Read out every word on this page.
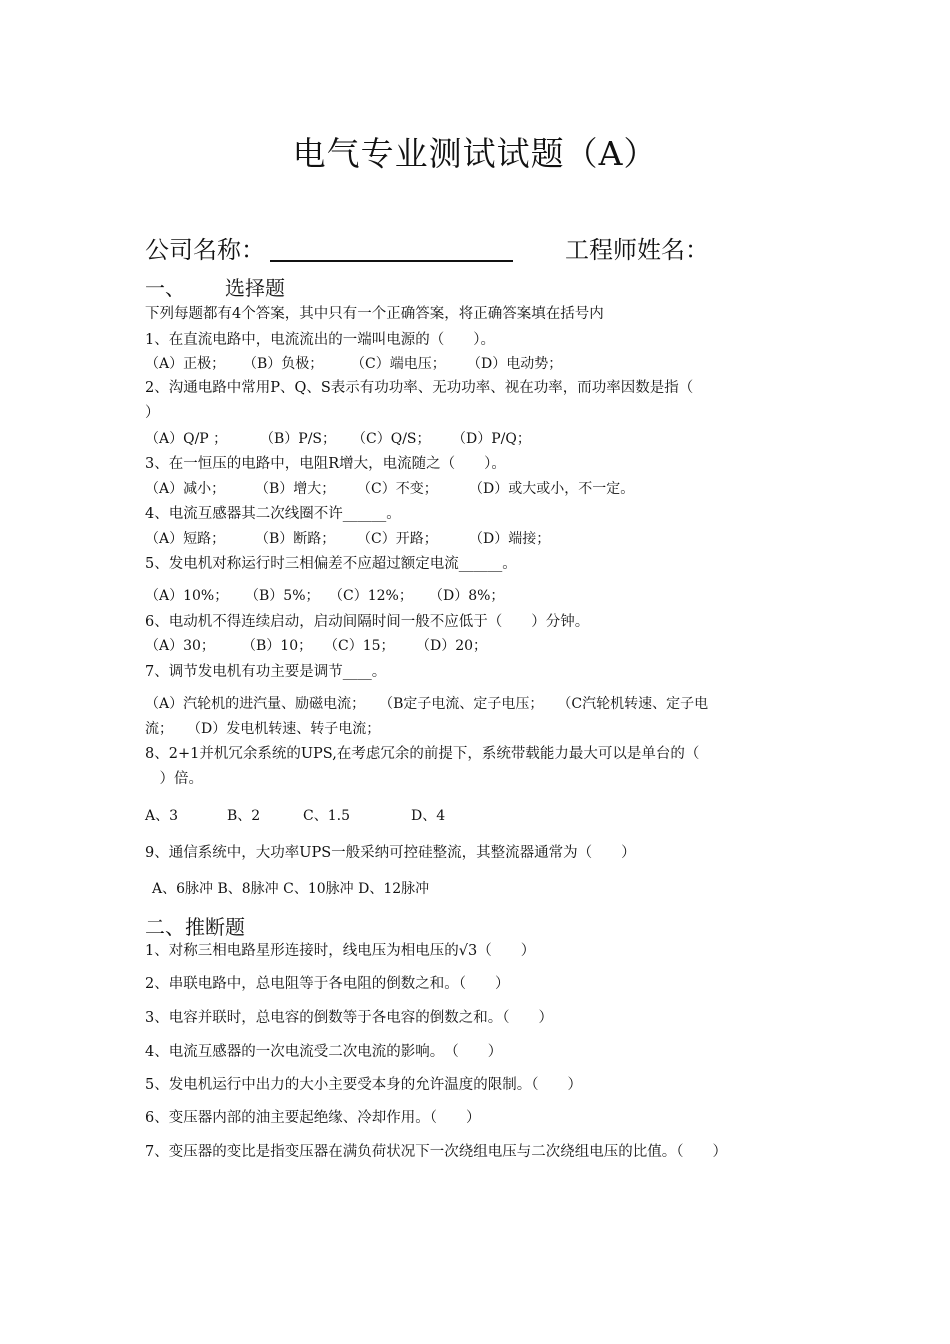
电气专业测试试题（A）
公司名称：	工程师姓名：
一、 选择题
下列每题都有4个答案，其中只有一个正确答案，将正确答案填在括号内
1、在直流电路中，电流流出的一端叫电源的（　　）。
（A）正极； （B）负极； （C）端电压； （D）电动势；
2、沟通电路中常用P、Q、S表示有功功率、无功功率、视在功率，而功率因数是指（
）
（A）Q/P ； （B）P/S； （C）Q/S； （D）P/Q；
3、在一恒压的电路中，电阻R增大，电流随之（　　）。
（A）减小； （B）增大； （C）不变； （D）或大或小，不一定。
4、电流互感器其二次线圈不许______。
（A）短路； （B）断路； （C）开路； （D）端接；
5、发电机对称运行时三相偏差不应超过额定电流______。
（A）10%； （B）5%； （C）12%； （D）8%；
6、电动机不得连续启动，启动间隔时间一般不应低于（　　）分钟。
（A）30； （B）10； （C）15； （D）20；
7、调节发电机有功主要是调节____。
（A）汽轮机的进汽量、励磁电流；　　（B定子电流、定子电压；　　（C汽轮机转速、定子电
流；　　（D）发电机转速、转子电流；
8、2+1并机冗余系统的UPS,在考虑冗余的前提下，系统带载能力最大可以是单台的（
　）倍。
A、3	B、2	C、1.5	D、4
9、通信系统中，大功率UPS一般采纳可控硅整流，其整流器通常为（　　）
A、6脉冲 B、8脉冲 C、10脉冲 D、12脉冲
二、推断题
1、对称三相电路星形连接时，线电压为相电压的√3（　　）
2、串联电路中，总电阻等于各电阻的倒数之和。（　　）
3、电容并联时，总电容的倒数等于各电容的倒数之和。（　　）
4、电流互感器的一次电流受二次电流的影响。　（　　）
5、发电机运行中出力的大小主要受本身的允许温度的限制。（　　）
6、变压器内部的油主要起绝缘、冷却作用。（　　）
7、变压器的变比是指变压器在满负荷状况下一次绕组电压与二次绕组电压的比值。（　　）
